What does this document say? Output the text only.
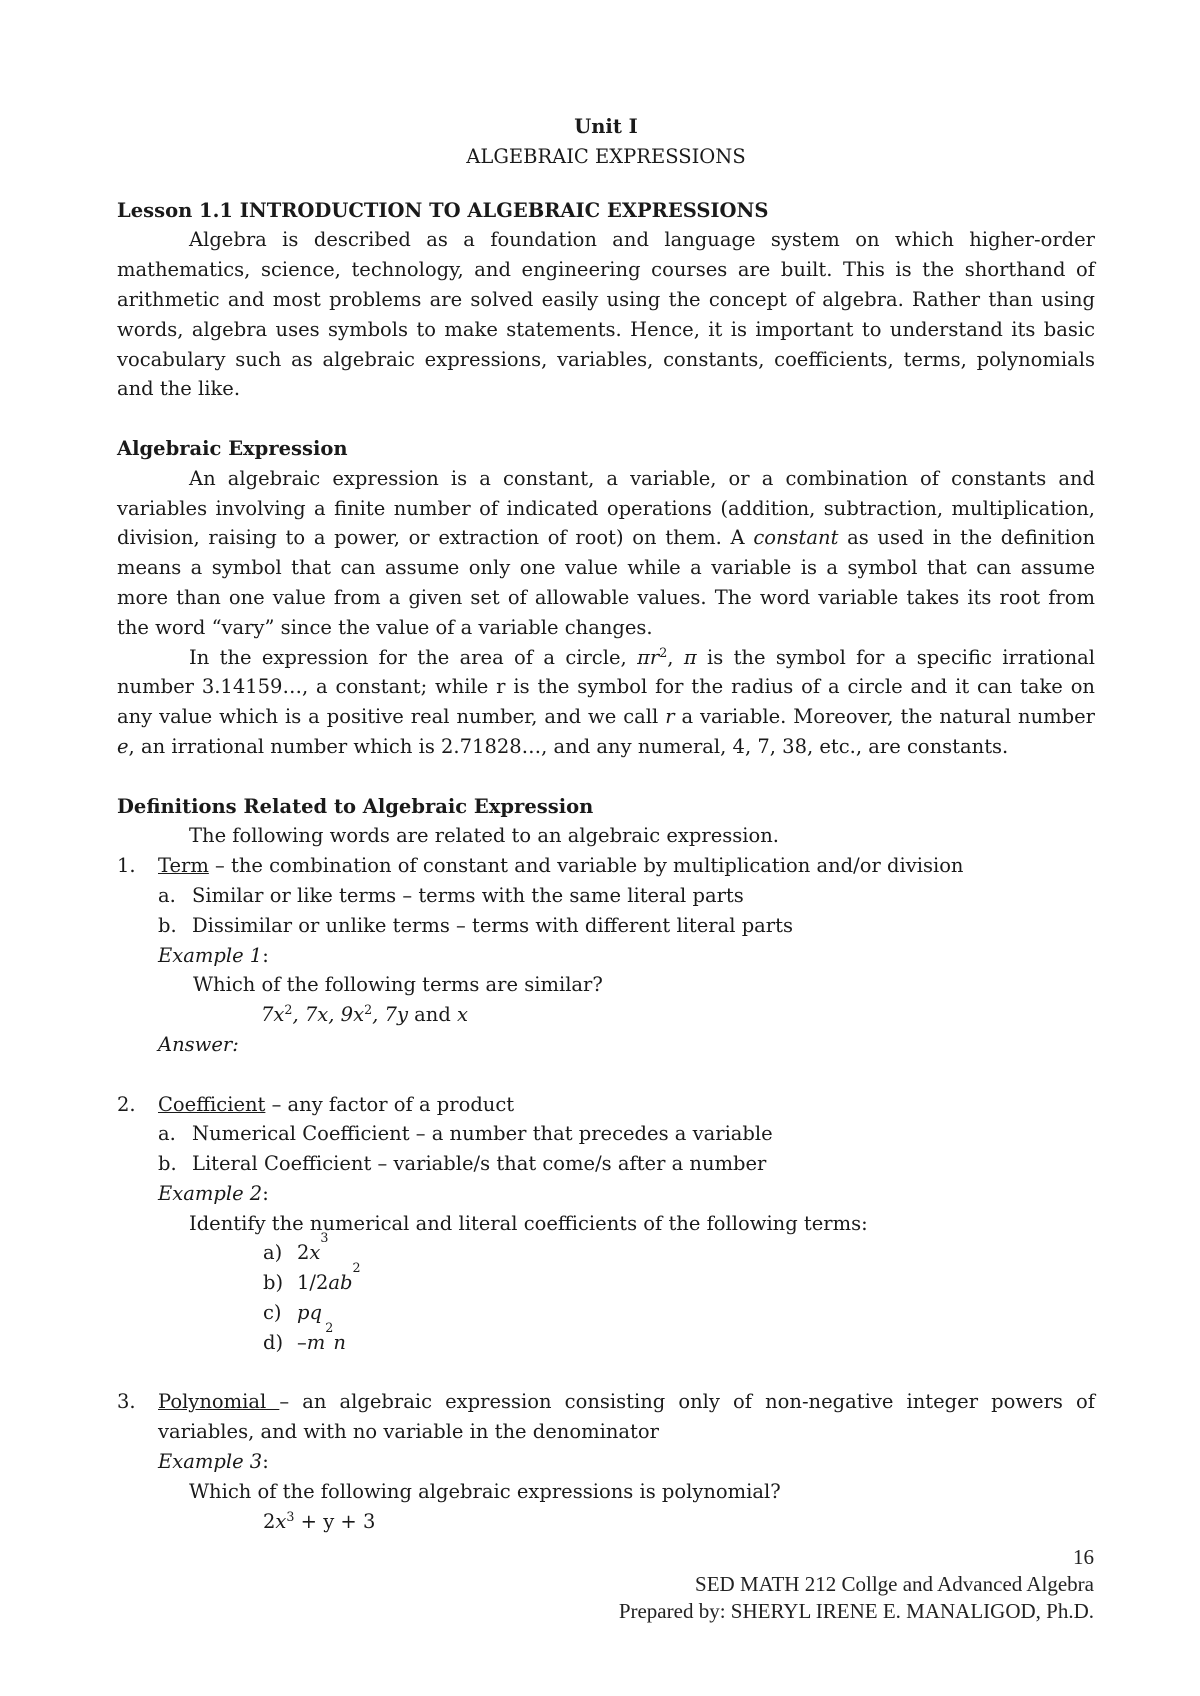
Unit I

ALGEBRAIC EXPRESSIONS

Lesson 1.1 INTRODUCTION TO ALGEBRAIC EXPRESSIONS

Algebra is described as a foundation and language system on which higher-order mathematics, science, technology, and engineering courses are built. This is the shorthand of arithmetic and most problems are solved easily using the concept of algebra. Rather than using words, algebra uses symbols to make statements. Hence, it is important to understand its basic vocabulary such as algebraic expressions, variables, constants, coefficients, terms, polynomials and the like.

Algebraic Expression

An algebraic expression is a constant, a variable, or a combination of constants and variables involving a finite number of indicated operations (addition, subtraction, multiplication, division, raising to a power, or extraction of root) on them. A constant as used in the definition means a symbol that can assume only one value while a variable is a symbol that can assume more than one value from a given set of allowable values. The word variable takes its root from the word “vary” since the value of a variable changes.

In the expression for the area of a circle, $\pi r^2$, π is the symbol for a specific irrational number 3.14159…, a constant; while r is the symbol for the radius of a circle and it can take on any value which is a positive real number, and we call r a variable. Moreover, the natural number e, an irrational number which is 2.71828…, and any numeral, 4, 7, 38, etc., are constants.

Definitions Related to Algebraic Expression

The following words are related to an algebraic expression.

1.	Term – the combination of constant and variable by multiplication and/or division
a. Similar or like terms – terms with the same literal parts
b. Dissimilar or unlike terms – terms with different literal parts

Example 1:

Which of the following terms are similar?

$7x^2$, 7x, $9x^2$, 7y and x

Answer:

2.	Coefficient – any factor of a product
a. Numerical Coefficient – a number that precedes a variable
b. Literal Coefficient – variable/s that come/s after a number

Example 2:

Identify the numerical and literal coefficients of the following terms:

a) 2 x
3
b) 1/2 ab
2
c) pq
d) – m
2
n
3.	Polynomial – an algebraic expression consisting only of non-negative integer powers of variables, and with no variable in the denominator

Example 3:

Which of the following algebraic expressions is polynomial?

$2x^3 + y + 3$

16
SED MATH 212 Collge and Advanced Algebra
Prepared by: SHERYL IRENE E. MANALIGOD, Ph.D.
